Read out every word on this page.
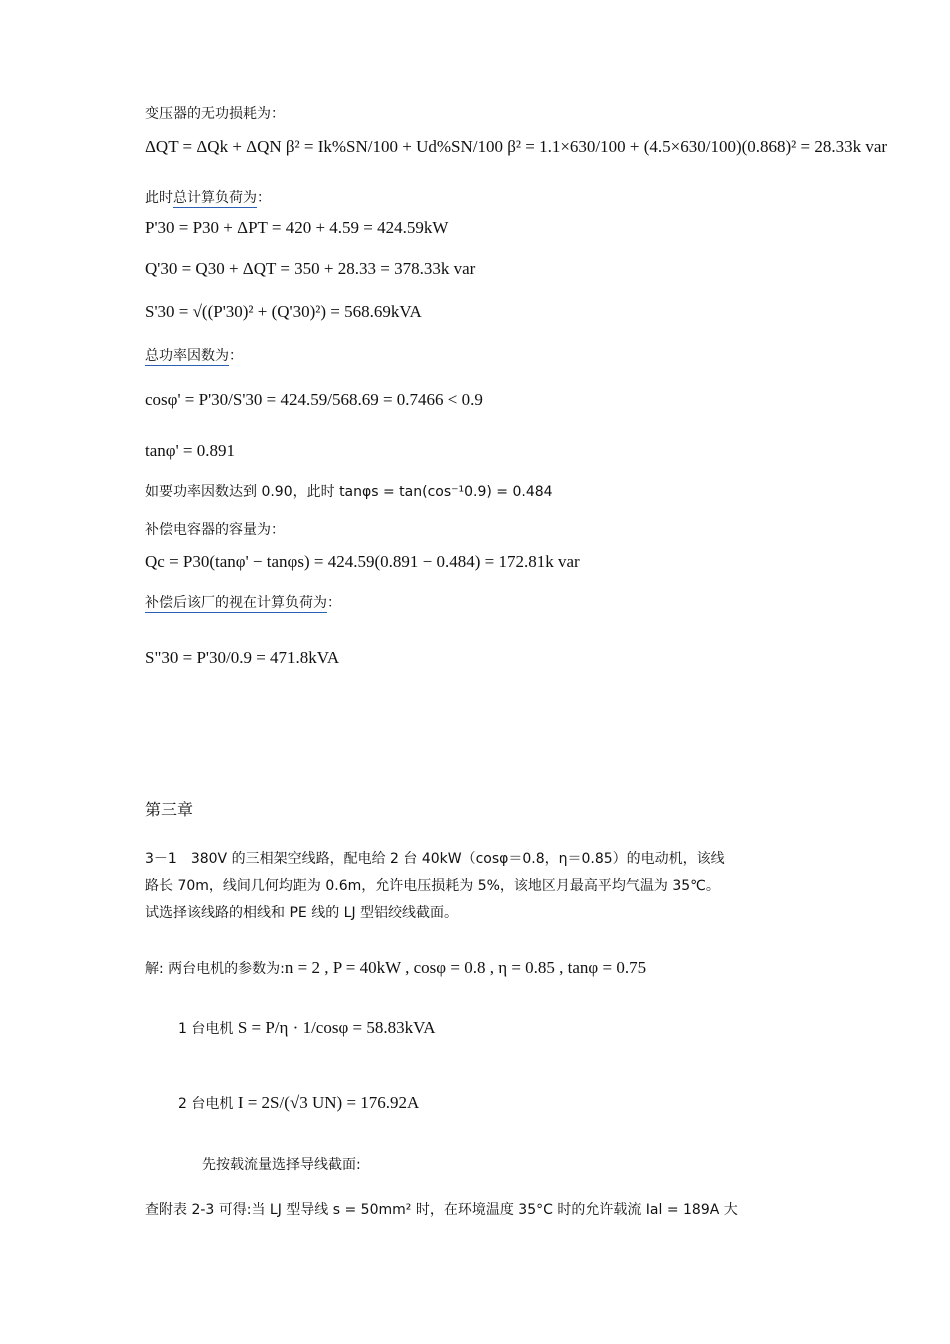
变压器的无功损耗为：
ΔQT = ΔQk + ΔQN β² = Ik%SN/100 + Ud%SN/100 β² = 1.1×630/100 + (4.5×630/100)(0.868)² = 28.33k var
此时总计算负荷为：
P'30 = P30 + ΔPT = 420 + 4.59 = 424.59kW
Q'30 = Q30 + ΔQT = 350 + 28.33 = 378.33k var
S'30 = √((P'30)² + (Q'30)²) = 568.69kVA
总功率因数为：
cosφ' = P'30/S'30 = 424.59/568.69 = 0.7466 < 0.9
tanφ' = 0.891
如要功率因数达到 0.90，此时 tanφs = tan(cos⁻¹0.9) = 0.484
补偿电容器的容量为：
Qc = P30(tanφ' − tanφs) = 424.59(0.891 − 0.484) = 172.81k var
补偿后该厂的视在计算负荷为：
S"30 = P'30/0.9 = 471.8kVA
第三章
3－1　380V 的三相架空线路，配电给 2 台 40kW（cosφ＝0.8，η＝0.85）的电动机，该线
路长 70m，线间几何均距为 0.6m，允许电压损耗为 5%，该地区月最高平均气温为 35℃。
试选择该线路的相线和 PE 线的 LJ 型铝绞线截面。
解: 两台电机的参数为:n = 2 , P = 40kW , cosφ = 0.8 , η = 0.85 , tanφ = 0.75
1 台电机 S = P/η · 1/cosφ = 58.83kVA
2 台电机 I = 2S/(√3 UN) = 176.92A
先按载流量选择导线截面:
查附表 2-3 可得:当 LJ 型导线 s = 50mm² 时，在环境温度 35°C 时的允许载流 Ial = 189A 大
